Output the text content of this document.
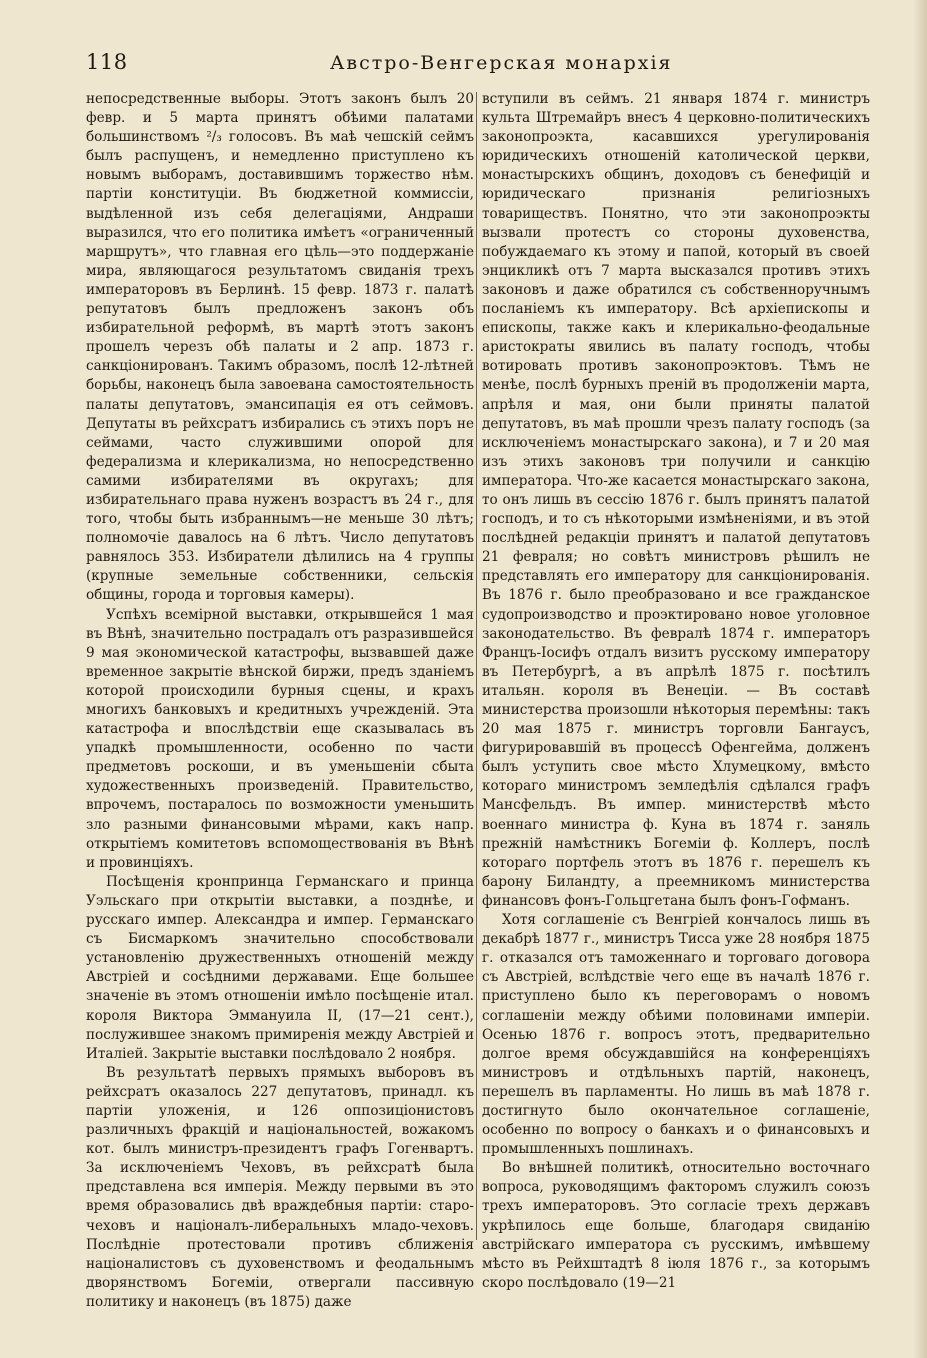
118	Австро-Венгерская монархія

непосредственные выборы. Этотъ законъ былъ 20 февр. и 5 марта принятъ обѣими палатами большинствомъ ²/₃ голосовъ. Въ маѣ чешскій сеймъ былъ распущенъ, и немедленно приступлено къ новымъ выборамъ, доставившимъ торжество нѣм. партіи конституціи. Въ бюджетной коммиссіи, выдѣленной изъ себя делегаціями, Андраши выразился, что его политика имѣетъ «ограниченный маршрутъ», что главная его цѣль—это поддержаніе мира, являющагося результатомъ свиданія трехъ императоровъ въ Берлинѣ. 15 февр. 1873 г. палатѣ репутатовъ былъ предложенъ законъ объ избирательной реформѣ, въ мартѣ этотъ законъ прошелъ черезъ обѣ палаты и 2 апр. 1873 г. санкціонированъ. Такимъ образомъ, послѣ 12-лѣтней борьбы, наконецъ была завоевана самостоятельность палаты депутатовъ, эмансипація ея отъ сеймовъ. Депутаты въ рейхсратъ избирались съ этихъ поръ не сеймами, часто служившими опорой для федерализма и клерикализма, но непосредственно самими избирателями въ округахъ; для избирательнаго права нуженъ возрастъ въ 24 г., для того, чтобы быть избраннымъ—не меньше 30 лѣтъ; полномочіе давалось на 6 лѣтъ. Число депутатовъ равнялось 353. Избиратели дѣлились на 4 группы (крупные земельные собственники, сельскія общины, города и торговыя камеры).

Успѣхъ всемірной выставки, открывшейся 1 мая въ Вѣнѣ, значительно пострадалъ отъ разразившейся 9 мая экономической катастрофы, вызвавшей даже временное закрытіе вѣнской биржи, предъ зданіемъ которой происходили бурныя сцены, и крахъ многихъ банковыхъ и кредитныхъ учрежденій. Эта катастрофа и впослѣдствіи еще сказывалась въ упадкѣ промышленности, особенно по части предметовъ роскоши, и въ уменьшеніи сбыта художественныхъ произведеній. Правительство, впрочемъ, постаралось по возможности уменьшить зло разными финансовыми мѣрами, какъ напр. открытіемъ комитетовъ вспомоществованія въ Вѣнѣ и провинціяхъ.

Посѣщенія кронпринца Германскаго и принца Уэльскаго при открытіи выставки, а позднѣе, и русскаго импер. Александра и импер. Германскаго съ Бисмаркомъ значительно способствовали установленію дружественныхъ отношеній между Австріей и сосѣдними державами. Еще большее значеніе въ этомъ отношеніи имѣло посѣщеніе итал. короля Виктора Эммануила II, (17—21 сент.), послужившее знакомъ примиренія между Австріей и Италіей. Закрытіе выставки послѣдовало 2 ноября.

Въ результатѣ первыхъ прямыхъ выборовъ въ рейхсратъ оказалось 227 депутатовъ, принадл. къ партіи уложенія, и 126 оппозиціонистовъ различныхъ фракцій и національностей, вожакомъ кот. былъ министръ-президентъ графъ Гогенвартъ. За исключеніемъ Чеховъ, въ рейхсратѣ была представлена вся имперія. Между первыми въ это время образовались двѣ враждебныя партіи: старо-чеховъ и націоналъ-либеральныхъ младо-чеховъ. Послѣдніе протестовали противъ сближенія націоналистовъ съ духовенствомъ и феодальнымъ дворянствомъ Богеміи, отвергали пассивную политику и наконецъ (въ 1875) даже

вступили въ сеймъ. 21 января 1874 г. министръ культа Штремайръ внесъ 4 церковно-политическихъ законопроэкта, касавшихся урегулированія юридическихъ отношеній католической церкви, монастырскихъ общинъ, доходовъ съ бенефицій и юридическаго признанія религіозныхъ товариществъ. Понятно, что эти законопроэкты вызвали протестъ со стороны духовенства, побуждаемаго къ этому и папой, который въ своей энцикликѣ отъ 7 марта высказался противъ этихъ законовъ и даже обратился съ собственноручнымъ посланіемъ къ императору. Всѣ архіепископы и епископы, также какъ и клерикально-феодальные аристократы явились въ палату господъ, чтобы вотировать противъ законопроэктовъ. Тѣмъ не менѣе, послѣ бурныхъ преній въ продолженіи марта, апрѣля и мая, они были приняты палатой депутатовъ, въ маѣ прошли чрезъ палату господъ (за исключеніемъ монастырскаго закона), и 7 и 20 мая изъ этихъ законовъ три получили и санкцію императора. Что-же касается монастырскаго закона, то онъ лишь въ сессію 1876 г. былъ принятъ палатой господъ, и то съ нѣкоторыми измѣненіями, и въ этой послѣдней редакціи принятъ и палатой депутатовъ 21 февраля; но совѣтъ министровъ рѣшилъ не представлять его императору для санкціонированія. Въ 1876 г. было преобразовано и все гражданское судопроизводство и проэктировано новое уголовное законодательство. Въ февралѣ 1874 г. императоръ Францъ-Іосифъ отдалъ визитъ русскому императору въ Петербургѣ, а въ апрѣлѣ 1875 г. посѣтилъ итальян. короля въ Венеціи. — Въ составѣ министерства произошли нѣкоторыя перемѣны: такъ 20 мая 1875 г. министръ торговли Бангаусъ, фигурировавшій въ процессѣ Офенгейма, долженъ былъ уступить свое мѣсто Хлумецкому, вмѣсто котораго министромъ земледѣлія сдѣлался графъ Мансфельдъ. Въ импер. министерствѣ мѣсто военнаго министра ф. Куна въ 1874 г. заняль прежній намѣстникъ Богеміи ф. Коллеръ, послѣ котораго портфель этотъ въ 1876 г. перешелъ къ барону Биландту, а преемникомъ министерства финансовъ фонъ-Гольцгетана былъ фонъ-Гофманъ.

Хотя соглашеніе съ Венгріей кончалось лишь въ декабрѣ 1877 г., министръ Тисса уже 28 ноября 1875 г. отказался отъ таможеннаго и торговаго договора съ Австріей, вслѣдствіе чего еще въ началѣ 1876 г. приступлено было къ переговорамъ о новомъ соглашеніи между обѣими половинами имперіи. Осенью 1876 г. вопросъ этотъ, предварительно долгое время обсуждавшійся на конференціяхъ министровъ и отдѣльныхъ партій, наконецъ, перешелъ въ парламенты. Но лишь въ маѣ 1878 г. достигнуто было окончательное соглашеніе, особенно по вопросу о банкахъ и о финансовыхъ и промышленныхъ пошлинахъ.

Во внѣшней политикѣ, относительно восточнаго вопроса, руководящимъ факторомъ служилъ союзъ трехъ императоровъ. Это согласіе трехъ державъ укрѣпилось еще больше, благодаря свиданію австрійскаго императора съ русскимъ, имѣвшему мѣсто въ Рейхштадтѣ 8 іюля 1876 г., за которымъ скоро послѣдовало (19—21
